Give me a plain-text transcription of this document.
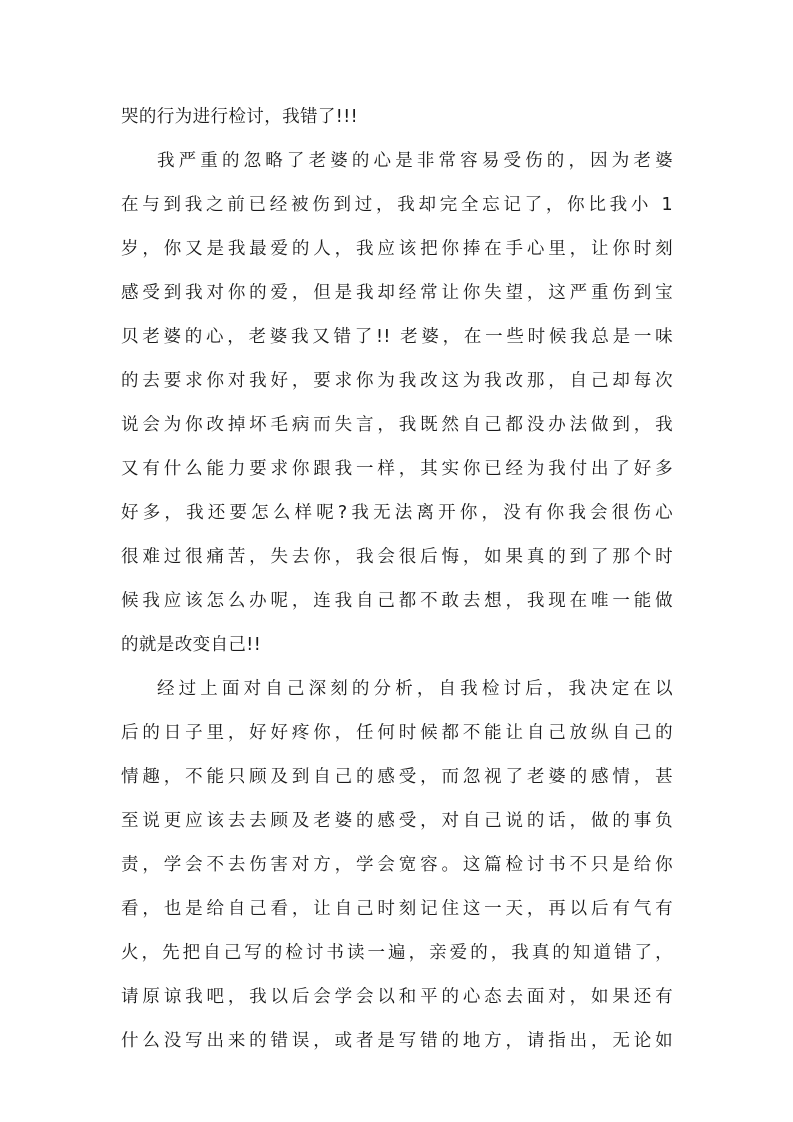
哭的行为进行检讨，我错了!!!
我严重的忽略了老婆的心是非常容易受伤的，因为老婆
在与到我之前已经被伤到过，我却完全忘记了，你比我小 1
岁，你又是我最爱的人，我应该把你捧在手心里，让你时刻
感受到我对你的爱，但是我却经常让你失望，这严重伤到宝
贝老婆的心，老婆我又错了!! 老婆，在一些时候我总是一味
的去要求你对我好，要求你为我改这为我改那，自己却每次
说会为你改掉坏毛病而失言，我既然自己都没办法做到，我
又有什么能力要求你跟我一样，其实你已经为我付出了好多
好多，我还要怎么样呢?我无法离开你，没有你我会很伤心
很难过很痛苦，失去你，我会很后悔，如果真的到了那个时
候我应该怎么办呢，连我自己都不敢去想，我现在唯一能做
的就是改变自己!!
经过上面对自己深刻的分析，自我检讨后，我决定在以
后的日子里，好好疼你，任何时候都不能让自己放纵自己的
情趣，不能只顾及到自己的感受，而忽视了老婆的感情，甚
至说更应该去去顾及老婆的感受，对自己说的话，做的事负
责，学会不去伤害对方，学会宽容。这篇检讨书不只是给你
看，也是给自己看，让自己时刻记住这一天，再以后有气有
火，先把自己写的检讨书读一遍，亲爱的，我真的知道错了，
请原谅我吧，我以后会学会以和平的心态去面对，如果还有
什么没写出来的错误，或者是写错的地方，请指出，无论如
